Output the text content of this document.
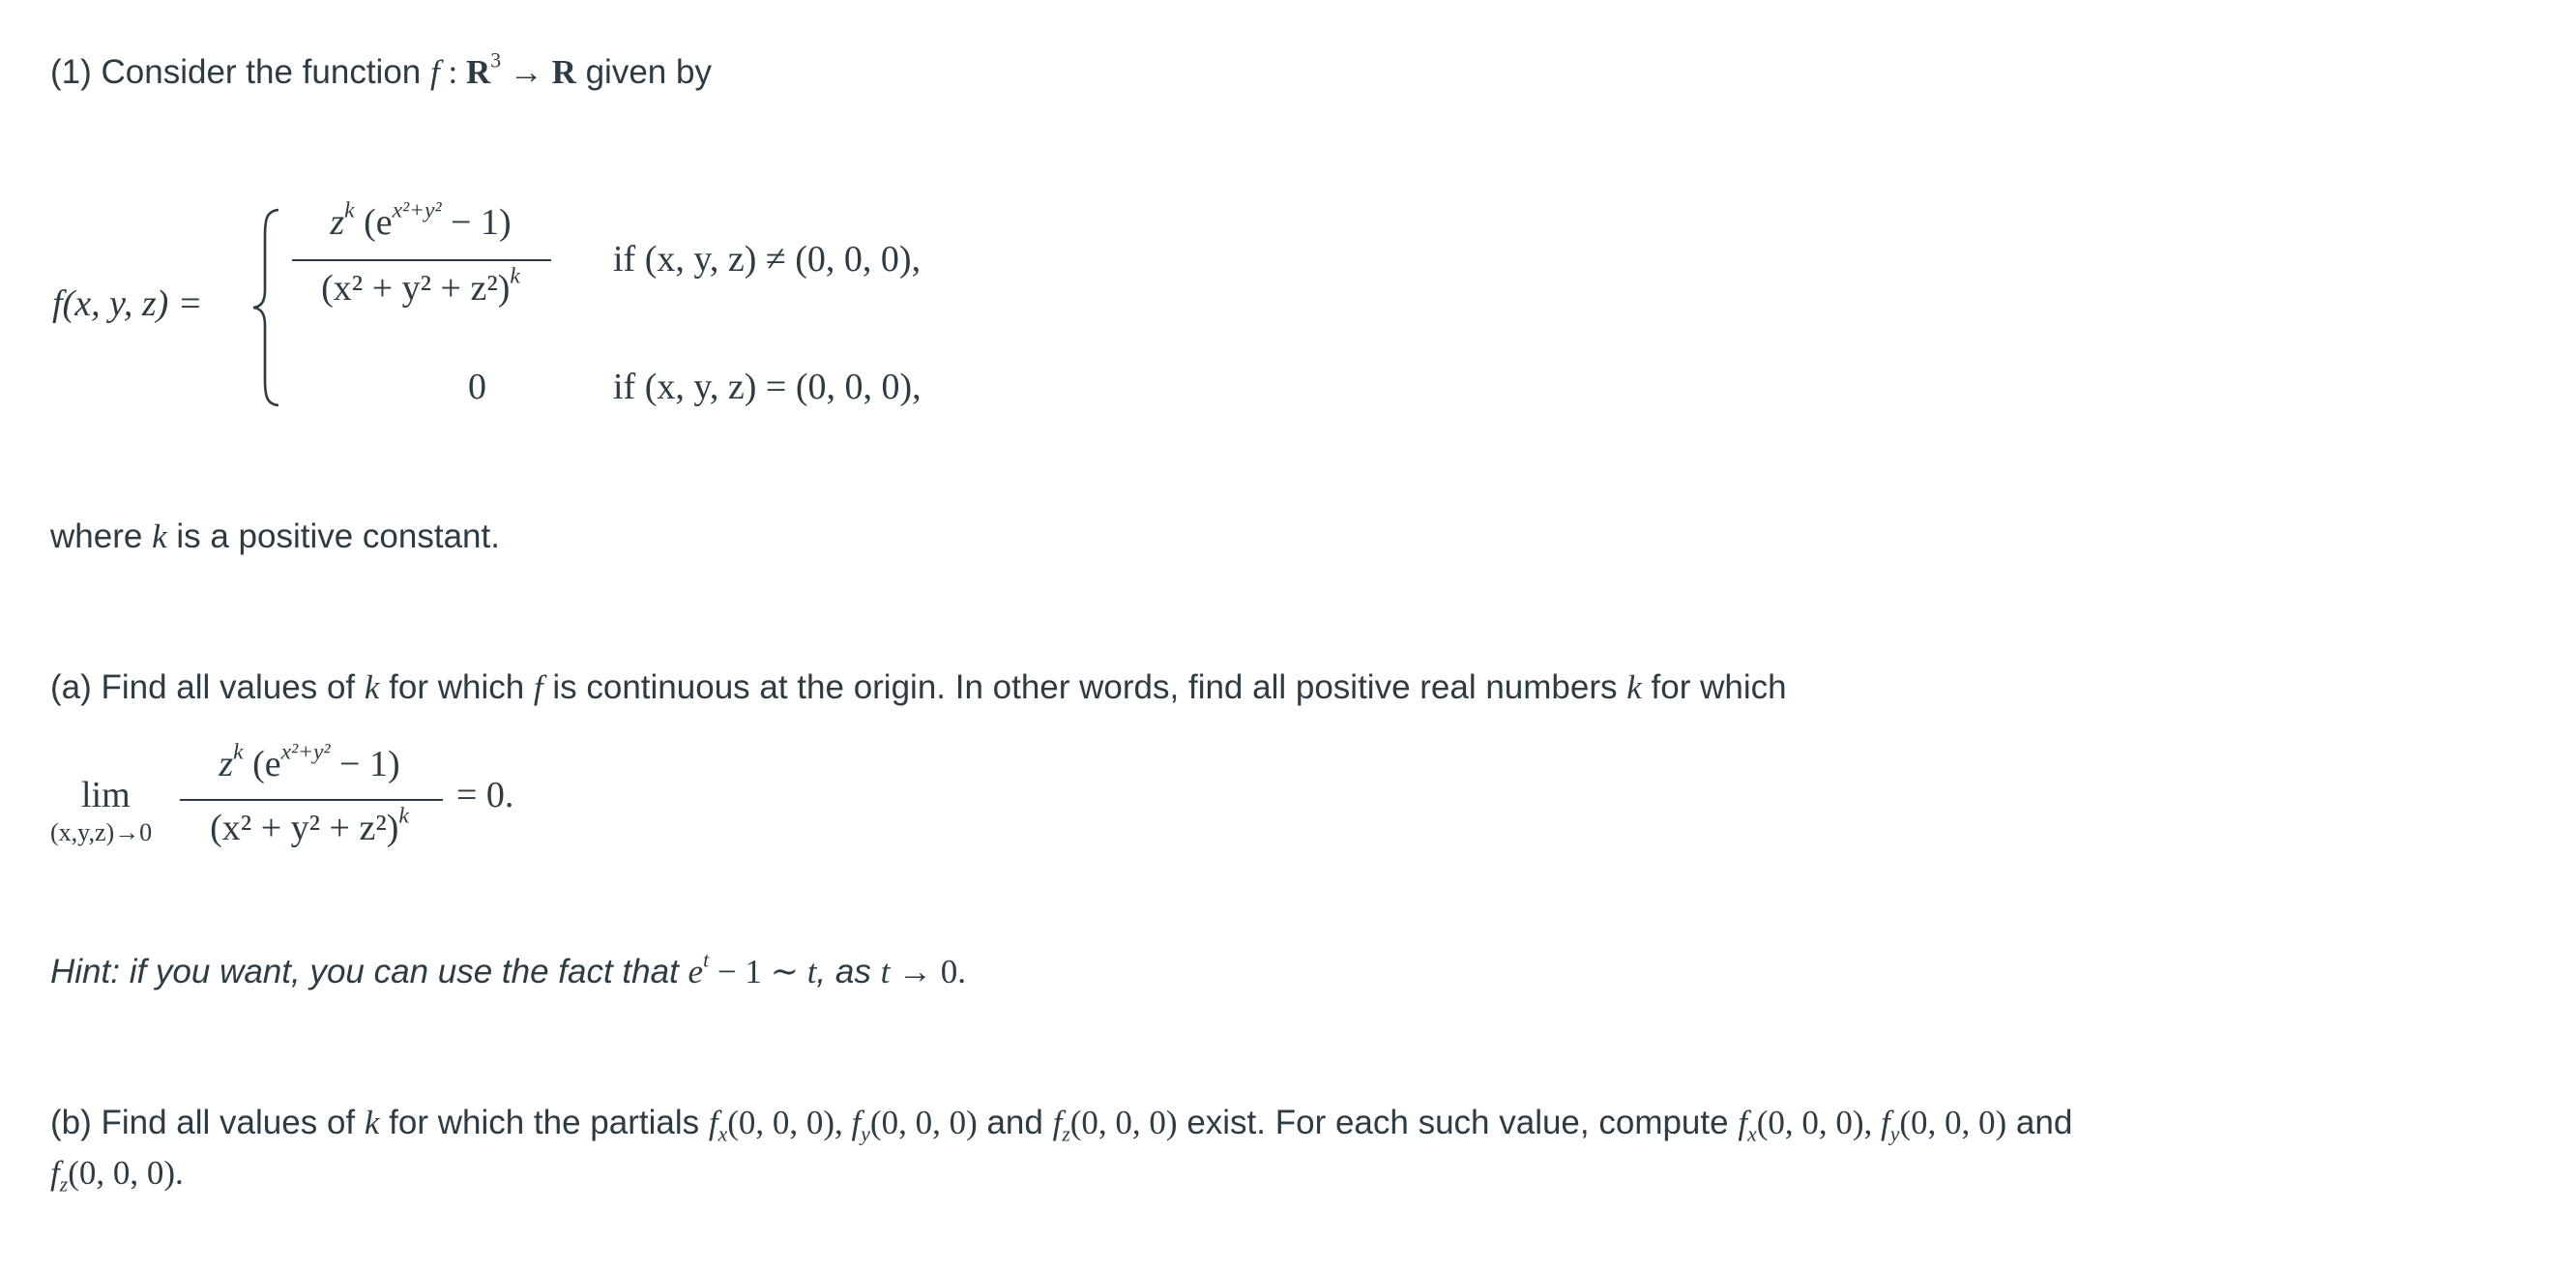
(1) Consider the function f : $R^3 \to R$ given by
f(x, y, z) =
$z^k$ $(e^{x^2+y^2} - 1)$
$(x^2 + y^2 + z^2)^k$	if (x, y, z) ≠ (0, 0, 0),
0	if (x, y, z) = (0, 0, 0),
where k is a positive constant.
(a) Find all values of k for which f is continuous at the origin. In other words, find all positive real numbers k for which
lim
(x,y,z)→0
$z^k$ $(e^{x^2+y^2} - 1)$
$(x^2 + y^2 + z^2)^k$
= 0.
Hint: if you want, you can use the fact that $e^t - 1$ ∼ t, as t → 0.
(b) Find all values of k for which the partials $f_x(0$, 0, 0), $f_y(0$, 0, 0) and $f_z(0$, 0, 0) exist. For each such value, compute $f_x(0$, 0, 0), $f_y(0$, 0, 0) and
$f_z(0$, 0, 0).
